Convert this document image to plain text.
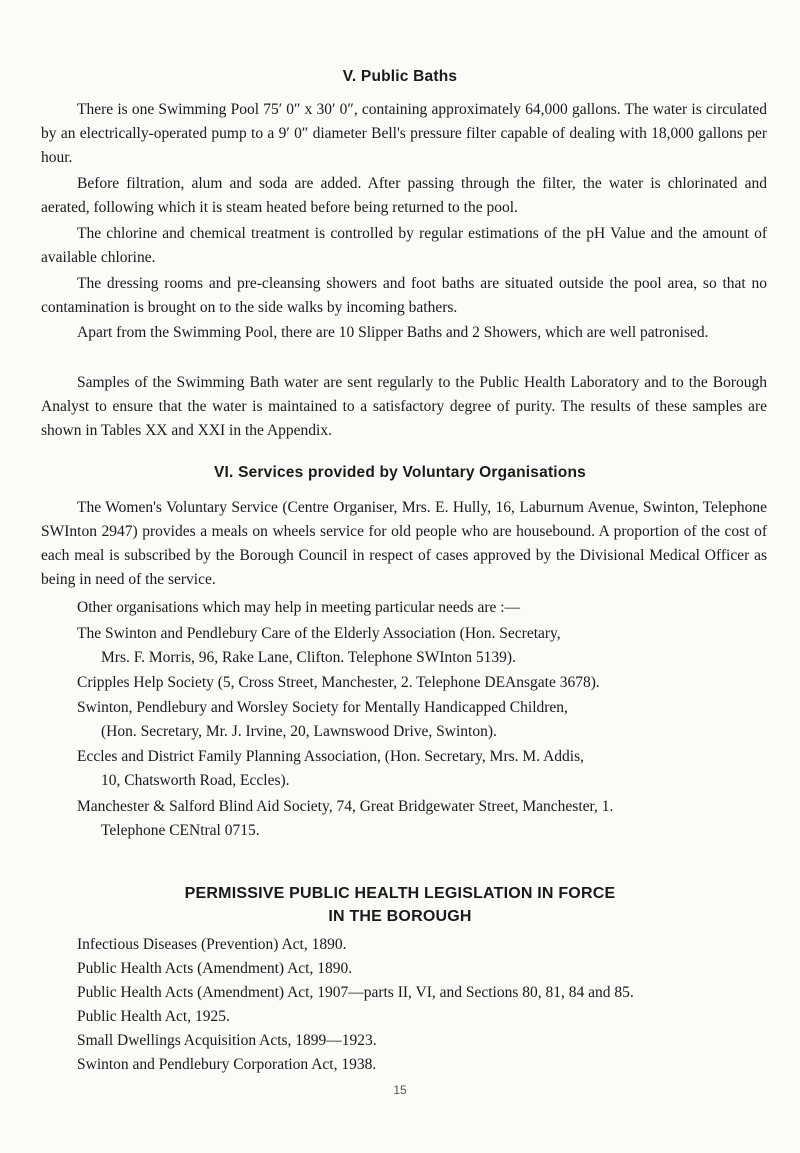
V. Public Baths

There is one Swimming Pool 75′ 0″ x 30′ 0″, containing approximately 64,000 gallons. The water is circulated by an electrically-operated pump to a 9′ 0″ diameter Bell's pressure filter capable of dealing with 18,000 gallons per hour.

Before filtration, alum and soda are added. After passing through the filter, the water is chlorinated and aerated, following which it is steam heated before being returned to the pool.

The chlorine and chemical treatment is controlled by regular estimations of the pH Value and the amount of available chlorine.

The dressing rooms and pre-cleansing showers and foot baths are situated outside the pool area, so that no contamination is brought on to the side walks by incoming bathers.

Apart from the Swimming Pool, there are 10 Slipper Baths and 2 Showers, which are well patronised.

Samples of the Swimming Bath water are sent regularly to the Public Health Laboratory and to the Borough Analyst to ensure that the water is maintained to a satisfactory degree of purity. The results of these samples are shown in Tables XX and XXI in the Appendix.

VI. Services provided by Voluntary Organisations

The Women's Voluntary Service (Centre Organiser, Mrs. E. Hully, 16, Laburnum Avenue, Swinton, Telephone SWInton 2947) provides a meals on wheels service for old people who are housebound. A proportion of the cost of each meal is subscribed by the Borough Council in respect of cases approved by the Divisional Medical Officer as being in need of the service.

Other organisations which may help in meeting particular needs are :—

The Swinton and Pendlebury Care of the Elderly Association (Hon. Secretary,
Mrs. F. Morris, 96, Rake Lane, Clifton. Telephone SWInton 5139).
Cripples Help Society (5, Cross Street, Manchester, 2. Telephone DEAnsgate 3678).
Swinton, Pendlebury and Worsley Society for Mentally Handicapped Children,
(Hon. Secretary, Mr. J. Irvine, 20, Lawnswood Drive, Swinton).
Eccles and District Family Planning Association, (Hon. Secretary, Mrs. M. Addis,
10, Chatsworth Road, Eccles).
Manchester & Salford Blind Aid Society, 74, Great Bridgewater Street, Manchester, 1.
Telephone CENtral 0715.
PERMISSIVE PUBLIC HEALTH LEGISLATION IN FORCE
IN THE BOROUGH
Infectious Diseases (Prevention) Act, 1890.
Public Health Acts (Amendment) Act, 1890.
Public Health Acts (Amendment) Act, 1907—parts II, VI, and Sections 80, 81, 84 and 85.
Public Health Act, 1925.
Small Dwellings Acquisition Acts, 1899—1923.
Swinton and Pendlebury Corporation Act, 1938.
15
